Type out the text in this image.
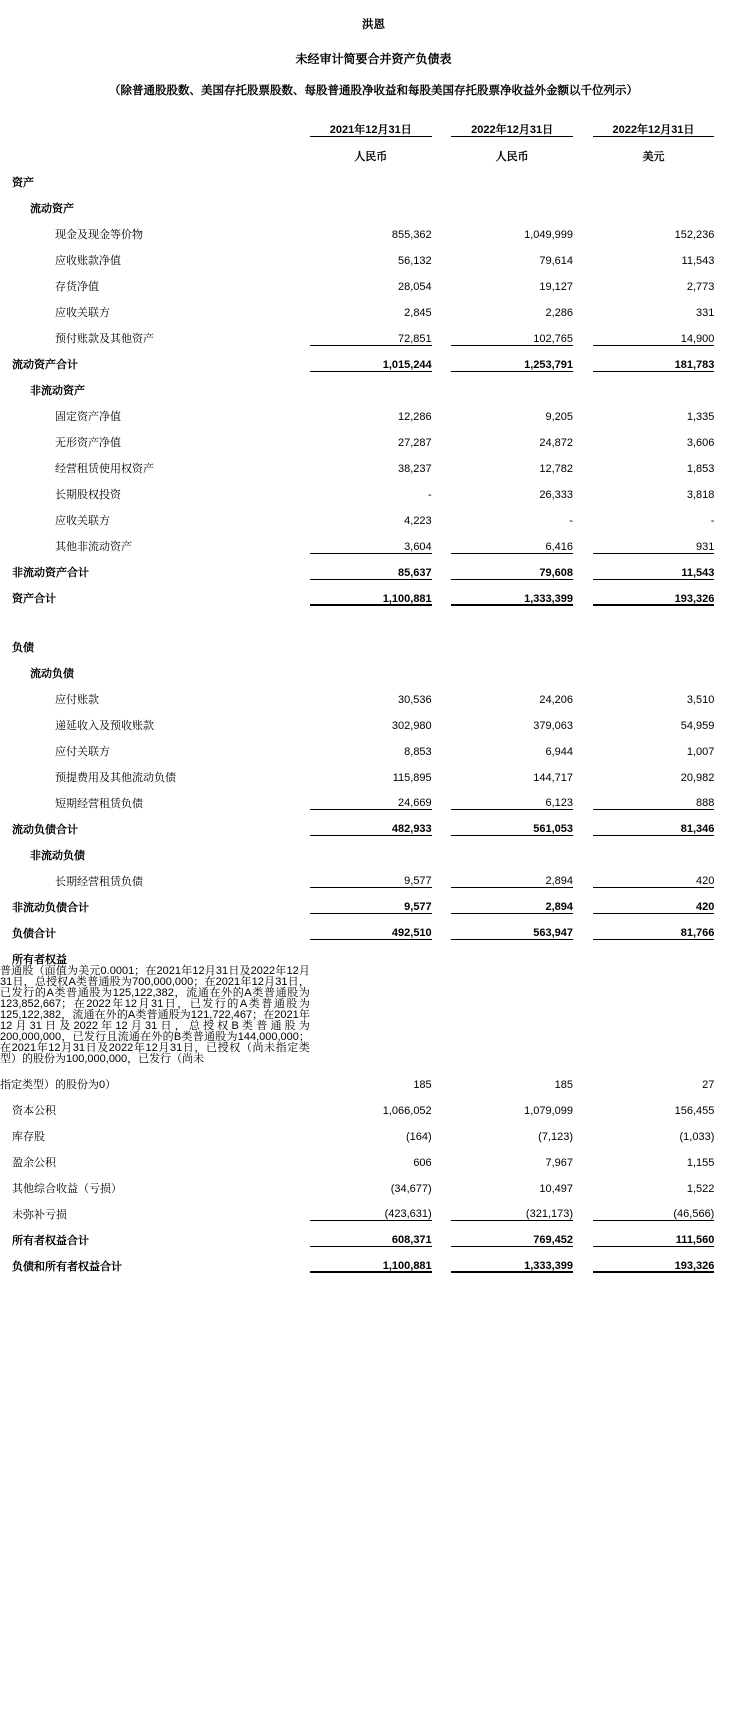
洪恩
未经审计简要合并资产负债表
（除普通股股数、美国存托股票股数、每股普通股净收益和每股美国存托股票净收益外金额以千位列示）
	2021年12月31日		2022年12月31日		2022年12月31日	

	人民币		人民币		美元	
资产						
流动资产						
现金及现金等价物	855,362		1,049,999		152,236	
应收账款净值	56,132		79,614		11,543	
存货净值	28,054		19,127		2,773	
应收关联方	2,845		2,286		331	
预付账款及其他资产	72,851		102,765		14,900	
流动资产合计	1,015,244		1,253,791		181,783	
非流动资产						
固定资产净值	12,286		9,205		1,335	
无形资产净值	27,287		24,872		3,606	
经营租赁使用权资产	38,237		12,782		1,853	
长期股权投资	-		26,333		3,818	
应收关联方	4,223		-		-	
其他非流动资产	3,604		6,416		931	
非流动资产合计	85,637		79,608		11,543	
资产合计	1,100,881		1,333,399		193,326	

负债						
流动负债						
应付账款	30,536		24,206		3,510	
递延收入及预收账款	302,980		379,063		54,959	
应付关联方	8,853		6,944		1,007	
预提费用及其他流动负债	115,895		144,717		20,982	
短期经营租赁负债	24,669		6,123		888	
流动负债合计	482,933		561,053		81,346	
非流动负债						
长期经营租赁负债	9,577		2,894		420	
非流动负债合计	9,577		2,894		420	
负债合计	492,510		563,947		81,766	
所有者权益						
普通股（面值为美元0.0001；在2021年12月31日及2022年12月31日，总授权A类普通股为700,000,000；在2021年12月31日，已发行的A类普通股为125,122,382，流通在外的A类普通股为123,852,667；在2022年12月31日，已发行的A类普通股为125,122,382，流通在外的A类普通股为121,722,467；在2021年12月31日及2022年12月31日，总授权B类普通股为200,000,000，已发行且流通在外的B类普通股为144,000,000；在2021年12月31日及2022年12月31日，已授权（尚未指定类型）的股份为100,000,000，已发行（尚未						
指定类型）的股份为0）	185		185		27	
资本公积	1,066,052		1,079,099		156,455	
库存股	(164)		(7,123)		(1,033)	
盈余公积	606		7,967		1,155	
其他综合收益（亏损）	(34,677)		10,497		1,522	
未弥补亏损	(423,631)		(321,173)		(46,566)	
所有者权益合计	608,371		769,452		111,560	
负债和所有者权益合计	1,100,881		1,333,399		193,326	
